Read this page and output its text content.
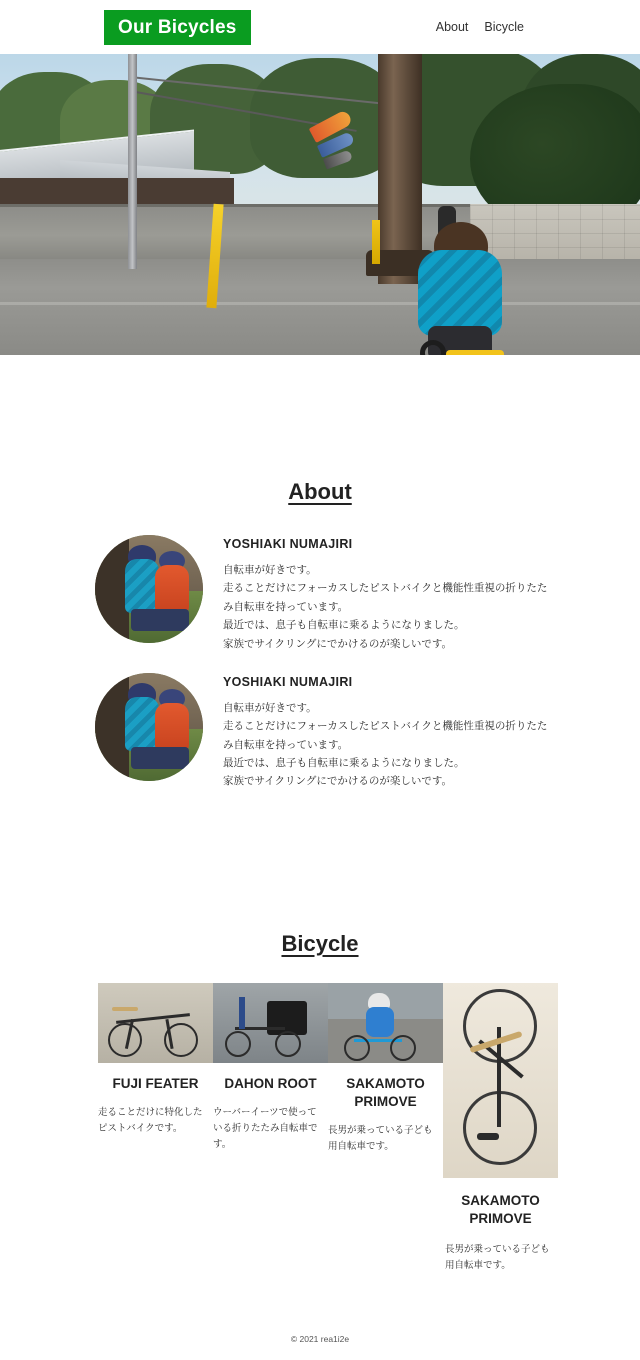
Our Bicycles	About Bicycle
About

YOSHIAKI NUMAJIRI

自転車が好きです。

走ることだけにフォーカスしたピストバイクと機能性重視の折りたたみ自転車を持っています。

最近では、息子も自転車に乗るようになりました。

家族でサイクリングにでかけるのが楽しいです。

YOSHIAKI NUMAJIRI

自転車が好きです。

走ることだけにフォーカスしたピストバイクと機能性重視の折りたたみ自転車を持っています。

最近では、息子も自転車に乗るようになりました。

家族でサイクリングにでかけるのが楽しいです。

Bicycle
FUJI FEATER
走ることだけに特化したピストバイクです。
DAHON ROOT
ウーバーイーツで使っている折りたたみ自転車です。
SAKAMOTO PRIMOVE
長男が乗っている子ども用自転車です。
SAKAMOTO PRIMOVE
長男が乗っている子ども用自転車です。
© 2021 rea1i2e
